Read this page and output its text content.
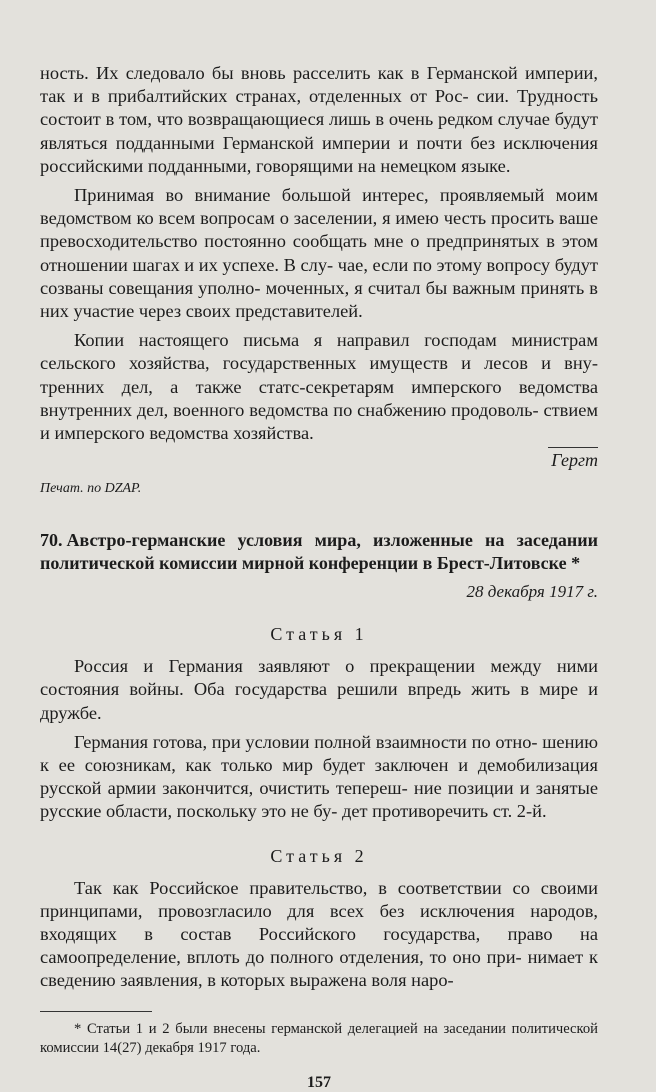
ность. Их следовало бы вновь расселить как в Германской империи, так и в прибалтийских странах, отделенных от Рос- сии. Трудность состоит в том, что возвращающиеся лишь в очень редком случае будут являться подданными Германской империи и почти без исключения российскими подданными, говорящими на немецком языке.

Принимая во внимание большой интерес, проявляемый моим ведомством ко всем вопросам о заселении, я имею честь просить ваше превосходительство постоянно сообщать мне о предпринятых в этом отношении шагах и их успехе. В слу- чае, если по этому вопросу будут созваны совещания уполно- моченных, я считал бы важным принять в них участие через своих представителей.

Копии настоящего письма я направил господам министрам сельского хозяйства, государственных имуществ и лесов и вну- тренних дел, а также статс-секретарям имперского ведомства внутренних дел, военного ведомства по снабжению продоволь- ствием и имперского ведомства хозяйства.

Гергт
Печат. по DZAP.
70. Австро-германские условия мира, изложенные на заседании политической комиссии мирной конференции в Брест-Литовске *
28 декабря 1917 г.
Статья 1

Россия и Германия заявляют о прекращении между ними состояния войны. Оба государства решили впредь жить в мире и дружбе.

Германия готова, при условии полной взаимности по отно- шению к ее союзникам, как только мир будет заключен и демобилизация русской армии закончится, очистить теперeш- ние позиции и занятые русские области, поскольку это не бу- дет противоречить ст. 2-й.

Статья 2

Так как Российское правительство, в соответствии со своими принципами, провозгласило для всех без исключения народов, входящих в состав Российского государства, право на самоопределение, вплоть до полного отделения, то оно при- нимает к сведению заявления, в которых выражена воля наро-

* Статьи 1 и 2 были внесены германской делегацией на заседании политической комиссии 14(27) декабря 1917 года.
157
